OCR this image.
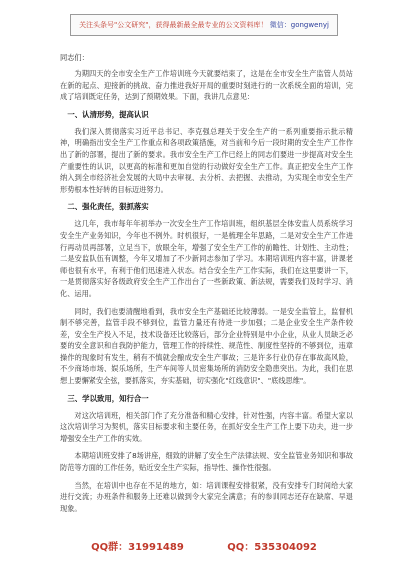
关注头条号"公文研究"，获得最新最全最专业的公文资料库！ 微信：gongwenyj

同志们：

为期四天的全市安全生产工作培训班今天就要结束了，这是在全市安全生产监管人员站在新的起点、迎接新的挑战、奋力推进我好开局的重要时刻进行的一次系统全面的培训，完成了培训既定任务，达到了预期效果。下面，我讲几点意见：

一、认清形势，提高认识

我们深入贯彻落实习近平总书记、李克强总理关于安全生产的一系列重要指示批示精神，明确指出安全生产工作重点和各项政策措施，对当前和今后一段时期的安全生产工作作出了新的部署，提出了新的要求。我市安全生产工作已经上的同志们要进一步提高对安全生产重要性的认识，以更高的标准和更加自觉的行动做好安全生产工作。真正把安全生产工作纳入到全市经济社会发展的大局中去审视、去分析、去把握、去推动，为实现全市安全生产形势根本性好转的目标迈进努力。

二、强化责任，狠抓落实

这几年，我市每年年初举办一次安全生产工作培训班，组织基层全体安监人员系统学习安全生产业务知识，今年也不例外。时机很好，一是梳理全年思路，二是对安全生产工作进行再动员再部署，立足当下，放眼全年，增强了安全生产工作的前瞻性、计划性、主动性；二是安监队伍有调整，今年又增加了不少新同志参加了学习。本期培训班内容丰富，讲课老师也很有水平，有利于他们迅速进入状态。结合安全生产工作实际，我们在这里要讲一下，一是贯彻落实好各级政府安全生产工作出台了一些新政策、新法规，需要我们及时学习、消化、运用。

同时，我们也要清醒地看到，我市安全生产基础还比较薄弱。一是安全监管上，监督机制不够完善，监管手段不够到位，监管力量还有待进一步加强；二是企业安全生产条件较差，安全生产投入不足，技术设备还比较落后，部分企业特别是中小企业，从业人员缺乏必要的安全意识和自我防护能力，管理工作的持续性、规范性、制度性坚持的不够到位，违章操作的现象时有发生，稍有不慎就会酿成安全生产事故；三是许多行业仍存在事故高风险，不少商场市场、娱乐场所，生产车间等人员密集场所的消防安全隐患突出。为此，我们在思想上要懈紧安全弦，要抓落实，夯实基础，切实强化"红线意识"、"底线思维"。

三、学以致用，知行合一

对这次培训班，相关部门作了充分准备和精心安排，针对性强，内容丰富。希望大家以这次培训学习为契机，落实目标要求和主要任务，在抓好安全生产工作上要下功夫，进一步增强安全生产工作的实效。

本期培训班安排了8场讲座，细致的讲解了安全生产法律法规、安全监管业务知识和事故防范等方面的工作任务，贴近安全生产实际，指导性、操作性很强。

当然，在培训中也存在不足的地方，如：培训课程安排很紧，没有安排专门时间给大家进行交流；办班条件和服务上还难以做到令大家完全满意；有的参训同志还存在缺席、早退现象。

QQ群：31991489	QQ：535304092
